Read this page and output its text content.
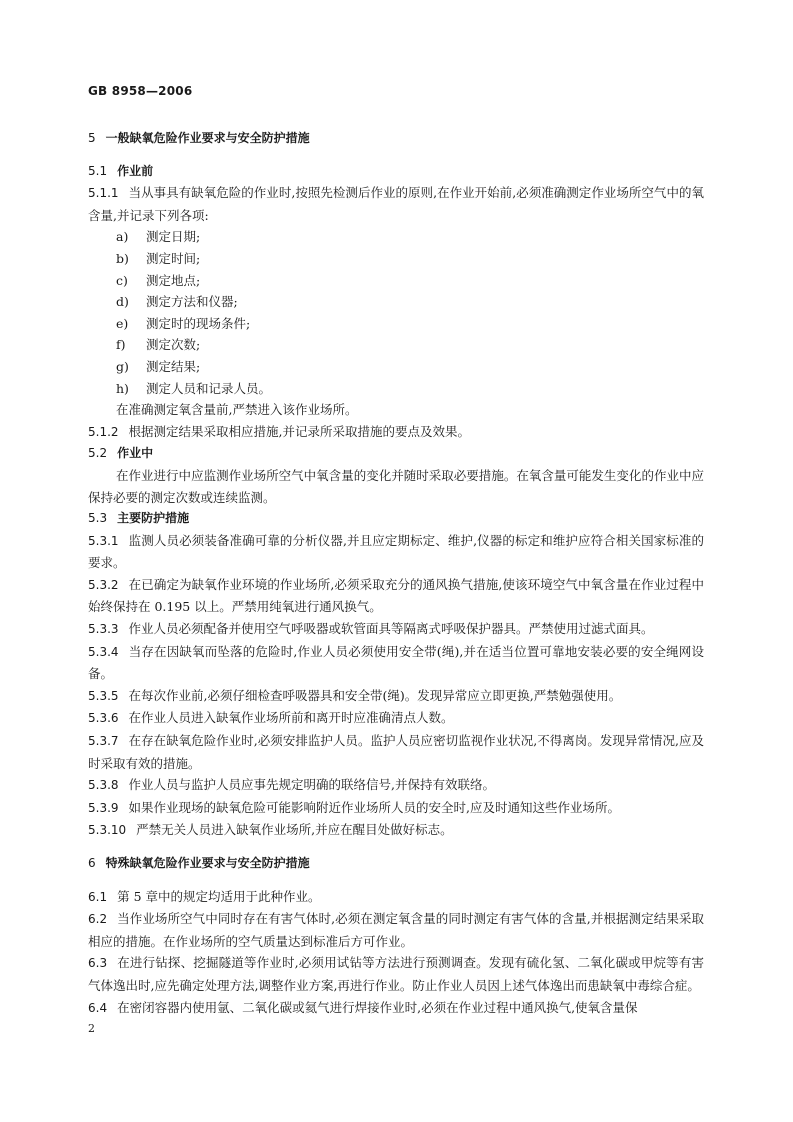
GB 8958—2006
5 一般缺氧危险作业要求与安全防护措施
5.1 作业前

5.1.1 当从事具有缺氧危险的作业时,按照先检测后作业的原则,在作业开始前,必须准确测定作业场所空气中的氧含量,并记录下列各项:

a) 测定日期;
b) 测定时间;
c) 测定地点;
d) 测定方法和仪器;
e) 测定时的现场条件;
f) 测定次数;
g) 测定结果;
h) 测定人员和记录人员。

在准确测定氧含量前,严禁进入该作业场所。

5.1.2 根据测定结果采取相应措施,并记录所采取措施的要点及效果。

5.2 作业中

在作业进行中应监测作业场所空气中氧含量的变化并随时采取必要措施。在氧含量可能发生变化的作业中应保持必要的测定次数或连续监测。

5.3 主要防护措施

5.3.1 监测人员必须装备准确可靠的分析仪器,并且应定期标定、维护,仪器的标定和维护应符合相关国家标准的要求。

5.3.2 在已确定为缺氧作业环境的作业场所,必须采取充分的通风换气措施,使该环境空气中氧含量在作业过程中始终保持在 0.195 以上。严禁用纯氧进行通风换气。

5.3.3 作业人员必须配备并使用空气呼吸器或软管面具等隔离式呼吸保护器具。严禁使用过滤式面具。

5.3.4 当存在因缺氧而坠落的危险时,作业人员必须使用安全带(绳),并在适当位置可靠地安装必要的安全绳网设备。

5.3.5 在每次作业前,必须仔细检查呼吸器具和安全带(绳)。发现异常应立即更换,严禁勉强使用。

5.3.6 在作业人员进入缺氧作业场所前和离开时应准确清点人数。

5.3.7 在存在缺氧危险作业时,必须安排监护人员。监护人员应密切监视作业状况,不得离岗。发现异常情况,应及时采取有效的措施。

5.3.8 作业人员与监护人员应事先规定明确的联络信号,并保持有效联络。

5.3.9 如果作业现场的缺氧危险可能影响附近作业场所人员的安全时,应及时通知这些作业场所。

5.3.10 严禁无关人员进入缺氧作业场所,并应在醒目处做好标志。

6 特殊缺氧危险作业要求与安全防护措施

6.1 第 5 章中的规定均适用于此种作业。

6.2 当作业场所空气中同时存在有害气体时,必须在测定氧含量的同时测定有害气体的含量,并根据测定结果采取相应的措施。在作业场所的空气质量达到标准后方可作业。

6.3 在进行钻探、挖掘隧道等作业时,必须用试钻等方法进行预测调查。发现有硫化氢、二氧化碳或甲烷等有害气体逸出时,应先确定处理方法,调整作业方案,再进行作业。防止作业人员因上述气体逸出而患缺氧中毒综合症。

6.4 在密闭容器内使用氩、二氧化碳或氦气进行焊接作业时,必须在作业过程中通风换气,使氧含量保

2
